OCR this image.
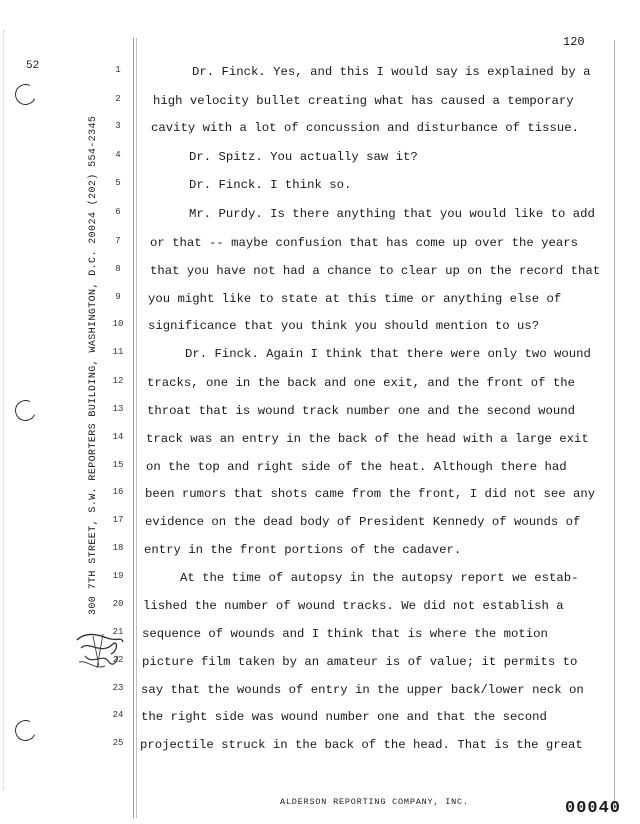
52
120
300 7TH STREET, S.W. REPORTERS BUILDING, WASHINGTON, D.C. 20024 (202) 554-2345
1
2
3
4
5
6
7
8
9
10
11
12
13
14
15
16
17
18
19
20
21
22
23
24
25
Dr. Finck. Yes, and this I would say is explained by a
high velocity bullet creating what has caused a temporary
cavity with a lot of concussion and disturbance of tissue.
Dr. Spitz. You actually saw it?
Dr. Finck. I think so.
Mr. Purdy. Is there anything that you would like to add
or that -- maybe confusion that has come up over the years
that you have not had a chance to clear up on the record that
you might like to state at this time or anything else of
significance that you think you should mention to us?
Dr. Finck. Again I think that there were only two wound
tracks, one in the back and one exit, and the front of the
throat that is wound track number one and the second wound
track was an entry in the back of the head with a large exit
on the top and right side of the heat. Although there had
been rumors that shots came from the front, I did not see any
evidence on the dead body of President Kennedy of wounds of
entry in the front portions of the cadaver.
At the time of autopsy in the autopsy report we estab-
lished the number of wound tracks. We did not establish a
sequence of wounds and I think that is where the motion
picture film taken by an amateur is of value; it permits to
say that the wounds of entry in the upper back/lower neck on
the right side was wound number one and that the second
projectile struck in the back of the head. That is the great
ALDERSON REPORTING COMPANY, INC.	00040
